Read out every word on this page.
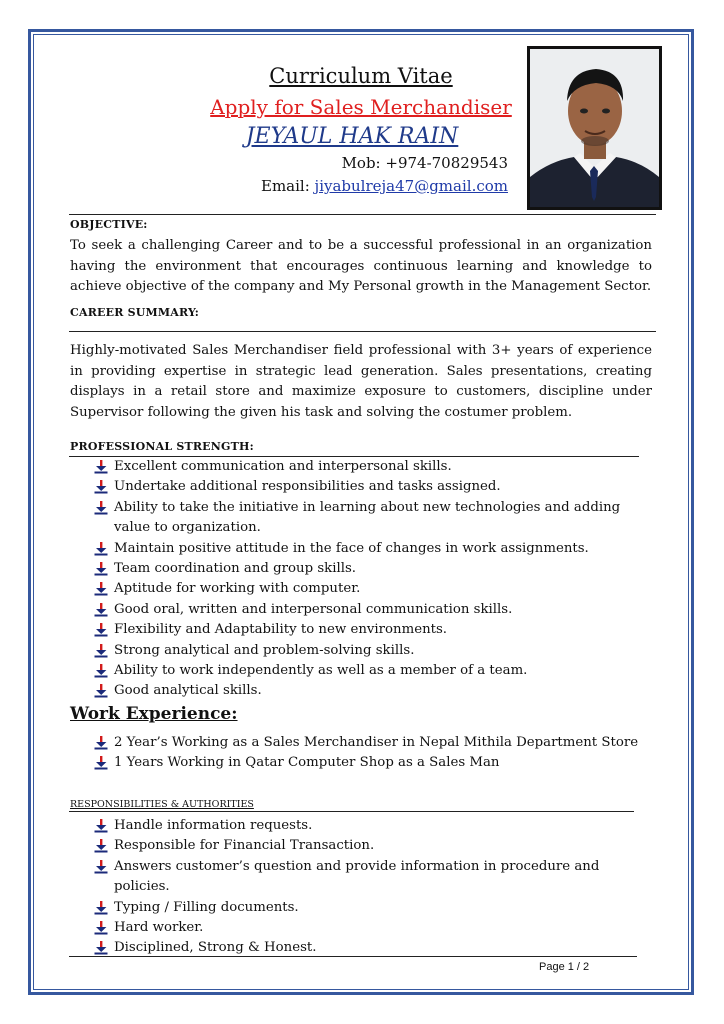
Curriculum Vitae
Apply for Sales Merchandiser
JEYAUL HAK RAIN
Mob: +974-70829543
Email: jiyabulreja47@gmail.com
OBJECTIVE:
To seek a challenging Career and to be a successful professional in an organization having the environment that encourages continuous learning and knowledge to achieve objective of the company and My Personal growth in the Management Sector.
CAREER SUMMARY:
Highly-motivated Sales Merchandiser field professional with 3+ years of experience in providing expertise in strategic lead generation. Sales presentations, creating displays in a retail store and maximize exposure to customers, discipline under Supervisor following the given his task and solving the costumer problem.
PROFESSIONAL STRENGTH:
Excellent communication and interpersonal skills.
Undertake additional responsibilities and tasks assigned.
Ability to take the initiative in learning about new technologies and adding value to organization.
Maintain positive attitude in the face of changes in work assignments.
Team coordination and group skills.
Aptitude for working with computer.
Good oral, written and interpersonal communication skills.
Flexibility and Adaptability to new environments.
Strong analytical and problem-solving skills.
Ability to work independently as well as a member of a team.
Good analytical skills.
Work Experience:
2 Year’s Working as a Sales Merchandiser in Nepal Mithila Department Store
1 Years Working in Qatar Computer Shop as a Sales Man
RESPONSIBILITIES & AUTHORITIES
Handle information requests.
Responsible for Financial Transaction.
Answers customer’s question and provide information in procedure and policies.
Typing / Filling documents.
Hard worker.
Disciplined, Strong & Honest.
Page 1 / 2
